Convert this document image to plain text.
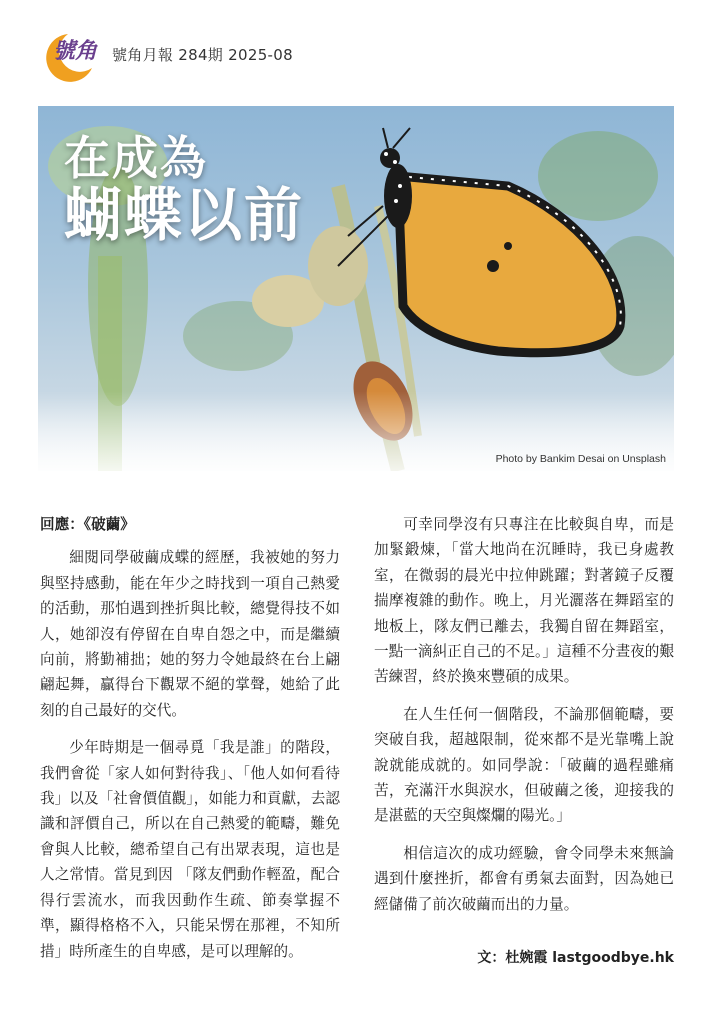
號角 號角月報 284期 2025-08
在成為
蝴蝶以前
Photo by Bankim Desai on Unsplash
回應：《破繭》

細閱同學破繭成蝶的經歷，我被她的努力與堅持感動，能在年少之時找到一項自己熱愛的活動，那怕遇到挫折與比較，總覺得技不如人，她卻沒有停留在自卑自怨之中，而是繼續向前，將勤補拙；她的努力令她最終在台上翩翩起舞，贏得台下觀眾不絕的掌聲，她給了此刻的自己最好的交代。

少年時期是一個尋覓「我是誰」的階段，我們會從「家人如何對待我」、「他人如何看待我」以及「社會價值觀」，如能力和貢獻，去認識和評價自己，所以在自己熱愛的範疇，難免會與人比較，總希望自己有出眾表現，這也是人之常情。當見到因 「隊友們動作輕盈，配合得行雲流水，而我因動作生疏、節奏掌握不準，顯得格格不入，只能呆愣在那裡，不知所措」時所產生的自卑感，是可以理解的。

可幸同學沒有只專注在比較與自卑，而是加緊鍛煉，「當大地尚在沉睡時，我已身處教室，在微弱的晨光中拉伸跳躍；對著鏡子反覆揣摩複雜的動作。晚上，月光灑落在舞蹈室的地板上，隊友們已離去，我獨自留在舞蹈室，一點一滴糾正自己的不足。」這種不分晝夜的艱苦練習，終於換來豐碩的成果。

在人生任何一個階段，不論那個範疇，要突破自我，超越限制，從來都不是光靠嘴上說說就能成就的。如同學說：「破繭的過程雖痛苦，充滿汗水與淚水，但破繭之後，迎接我的是湛藍的天空與燦爛的陽光。」

相信這次的成功經驗，會令同學未來無論遇到什麼挫折，都會有勇氣去面對，因為她已經儲備了前次破繭而出的力量。

文：杜婉霞 lastgoodbye.hk
